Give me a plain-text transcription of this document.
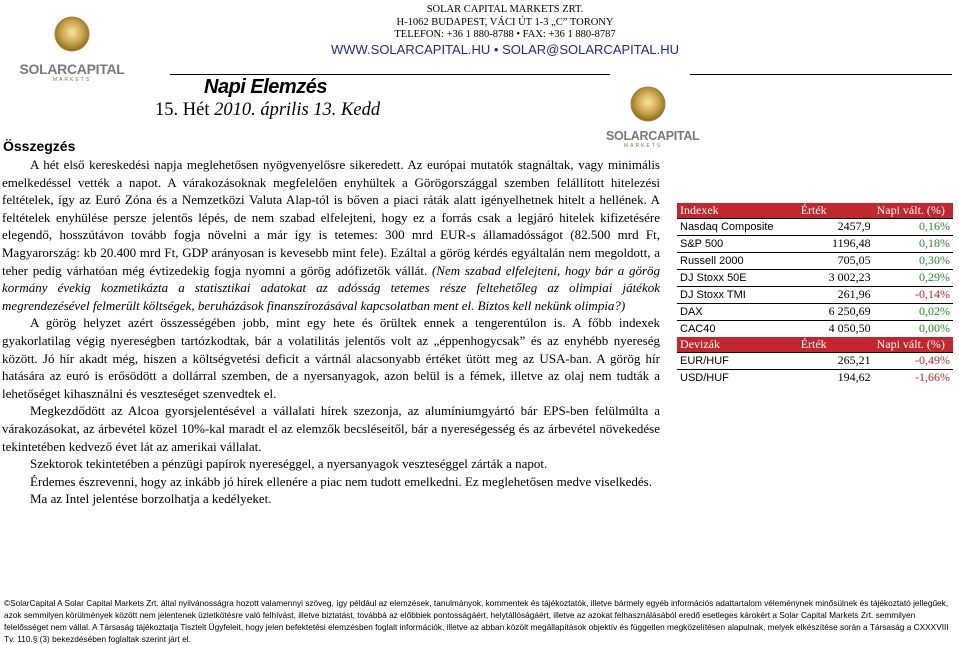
SOLARCAPITAL
MARKETS
SOLAR CAPITAL MARKETS ZRT.
H-1062 BUDAPEST, VÁCI ÚT 1-3 „C” TORONY
TELEFON: +36 1 880-8788 • FAX: +36 1 880-8787
WWW.SOLARCAPITAL.HU • SOLAR@SOLARCAPITAL.HU
Napi Elemzés
15. Hét 2010. április 13. Kedd
SOLARCAPITAL
MARKETS
Összegzés

A hét első kereskedési napja meglehetősen nyögvenyelősre sikeredett. Az európai mutatók stagnáltak, vagy minimális emelkedéssel vették a napot. A várakozásoknak megfelelően enyhültek a Görögországgal szemben felállított hitelezési feltételek, így az Euró Zóna és a Nemzetközi Valuta Alap-tól is bőven a piaci ráták alatt igényelhetnek hitelt a hellének. A feltételek enyhülése persze jelentős lépés, de nem szabad elfelejteni, hogy ez a forrás csak a legjáró hitelek kifizetésére elegendő, hosszútávon tovább fogja növelni a már így is tetemes: 300 mrd EUR-s államadósságot (82.500 mrd Ft, Magyarország: kb 20.400 mrd Ft, GDP arányosan is kevesebb mint fele). Ezáltal a görög kérdés egyáltalán nem megoldott, a teher pedig várhatóan még évtizedekig fogja nyomni a görög adófizetők vállát. (Nem szabad elfelejteni, hogy bár a görög kormány évekig kozmetikázta a statisztikai adatokat az adósság tetemes része feltehetőleg az olimpiai játékok megrendezésével felmerült költségek, beruházások finanszírozásával kapcsolatban ment el. Biztos kell nekünk olimpia?)

A görög helyzet azért összességében jobb, mint egy hete és örültek ennek a tengerentúlon is. A főbb indexek gyakorlatilag végig nyereségben tartózkodtak, bár a volatilitás jelentős volt az „éppenhogycsak” és az enyhébb nyereség között. Jó hír akadt még, hiszen a költségvetési deficit a vártnál alacsonyabb értéket ütött meg az USA-ban. A görög hír hatására az euró is erősödött a dollárral szemben, de a nyersanyagok, azon belül is a fémek, illetve az olaj nem tudták a lehetőséget kihasználni és veszteséget szenvedtek el.

Megkezdődött az Alcoa gyorsjelentésével a vállalati hírek szezonja, az alumíniumgyártó bár EPS-ben felülmúlta a várakozásokat, az árbevétel közel 10%-kal maradt el az elemzők becsléseitől, bár a nyereségesség és az árbevétel növekedése tekintetében kedvező évet lát az amerikai vállalat.

Szektorok tekintetében a pénzügi papírok nyereséggel, a nyersanyagok veszteséggel zárták a napot.

Érdemes észrevenni, hogy az inkább jó hírek ellenére a piac nem tudott emelkedni. Ez meglehetősen medve viselkedés.

Ma az Intel jelentése borzolhatja a kedélyeket.

Indexek	Érték	Napi vált. (%)

Nasdaq Composite	2457,9	0,16%

S&P 500	1196,48	0,18%

Russell 2000	705,05	0,30%

DJ Stoxx 50E	3 002,23	0,29%

DJ Stoxx TMI	261,96	-0,14%

DAX	6 250,69	0,02%

CAC40	4 050,50	0,00%
Devizák	Érték	Napi vált. (%)

EUR/HUF	265,21	-0,49%

USD/HUF	194,62	-1,66%
©SolarCapital A Solar Capital Markets Zrt. által nyilvánosságra hozott valamennyi szöveg, így például az elemzések, tanulmányok, kommentek és tájékoztatók, illetve bármely egyéb információs adattartalom véleménynek minősülnek és tájékoztató jellegűek, azok semmilyen körülmények között nem jelentenek üzletkötésre való felhívást, illetve biztatást, továbbá az előbbiek pontosságáért, helytállóságáért, illetve az azokat felhasználásából eredő esetleges károkért a Solar Capital Markets Zrt. semmilyen felelősséget nem vállal. A Társaság tájékoztatja Tisztelt Ügyfeleit, hogy jelen befektetési elemzésben foglalt információk, illetve az abban közölt megállapítások objektív és független megközelítésen alapulnak, melyek elkészítése során a Társaság a CXXXVIII Tv. 110.§ (3) bekezdésében foglaltak szerint járt el.
